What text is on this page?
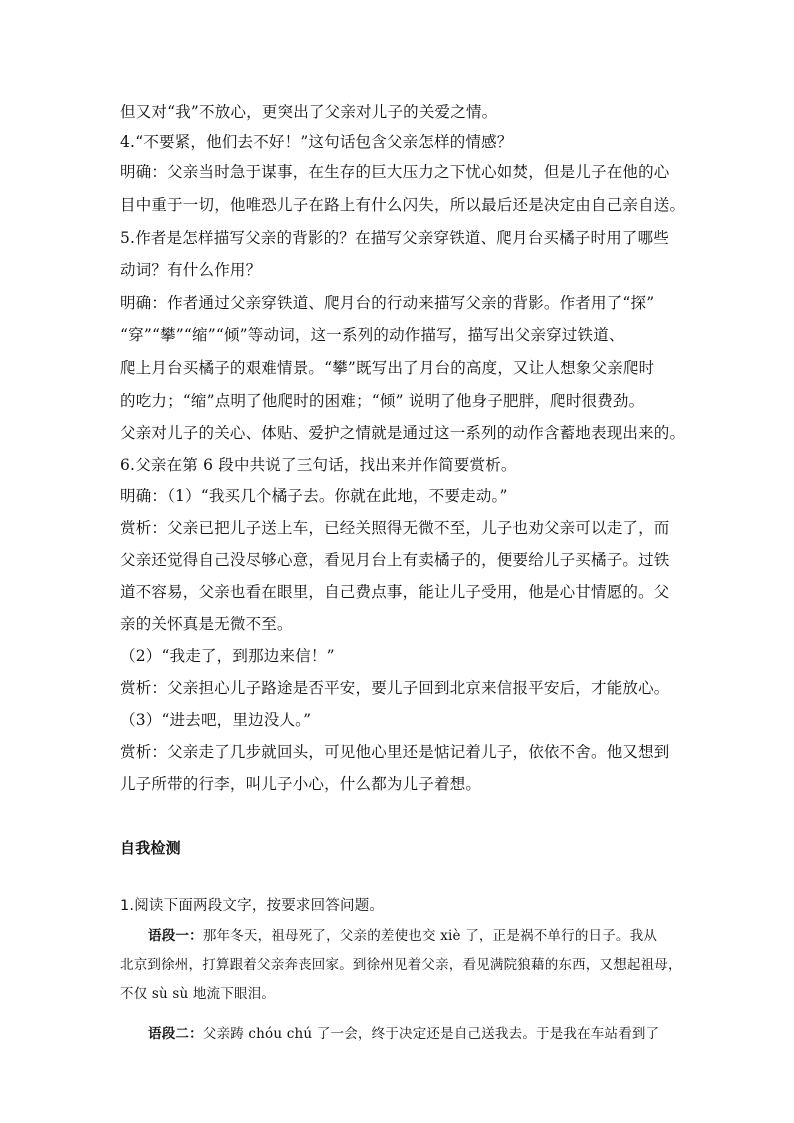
但又对“我”不放心，更突出了父亲对儿子的关爱之情。
4.“不要紧，他们去不好！”这句话包含父亲怎样的情感？
明确：父亲当时急于谋事，在生存的巨大压力之下忧心如焚，但是儿子在他的心
目中重于一切，他唯恐儿子在路上有什么闪失，所以最后还是决定由自己亲自送。
5.作者是怎样描写父亲的背影的？在描写父亲穿铁道、爬月台买橘子时用了哪些
动词？有什么作用？
明确：作者通过父亲穿铁道、爬月台的行动来描写父亲的背影。作者用了“探”
“穿”“攀”“缩”“倾”等动词，这一系列的动作描写，描写出父亲穿过铁道、
爬上月台买橘子的艰难情景。“攀”既写出了月台的高度，又让人想象父亲爬时
的吃力；“缩”点明了他爬时的困难；“倾” 说明了他身子肥胖，爬时很费劲。
父亲对儿子的关心、体贴、爱护之情就是通过这一系列的动作含蓄地表现出来的。
6.父亲在第 6 段中共说了三句话，找出来并作简要赏析。
明确：（1）“我买几个橘子去。你就在此地，不要走动。”
赏析：父亲已把儿子送上车，已经关照得无微不至，儿子也劝父亲可以走了，而
父亲还觉得自己没尽够心意，看见月台上有卖橘子的，便要给儿子买橘子。过铁
道不容易，父亲也看在眼里，自己费点事，能让儿子受用，他是心甘情愿的。父
亲的关怀真是无微不至。
（2）“我走了，到那边来信！”
赏析：父亲担心儿子路途是否平安，要儿子回到北京来信报平安后，才能放心。
（3）“进去吧，里边没人。”
赏析：父亲走了几步就回头，可见他心里还是惦记着儿子，依依不舍。他又想到
儿子所带的行李，叫儿子小心，什么都为儿子着想。
自我检测
1.阅读下面两段文字，按要求回答问题。
语段一：那年冬天，祖母死了，父亲的差使也交 xiè 了，正是祸不单行的日子。我从
北京到徐州，打算跟着父亲奔丧回家。到徐州见着父亲，看见满院狼藉的东西，又想起祖母，
不仅 sù sù 地流下眼泪。
语段二：父亲踌 chóu chú 了一会，终于决定还是自己送我去。于是我在车站看到了
